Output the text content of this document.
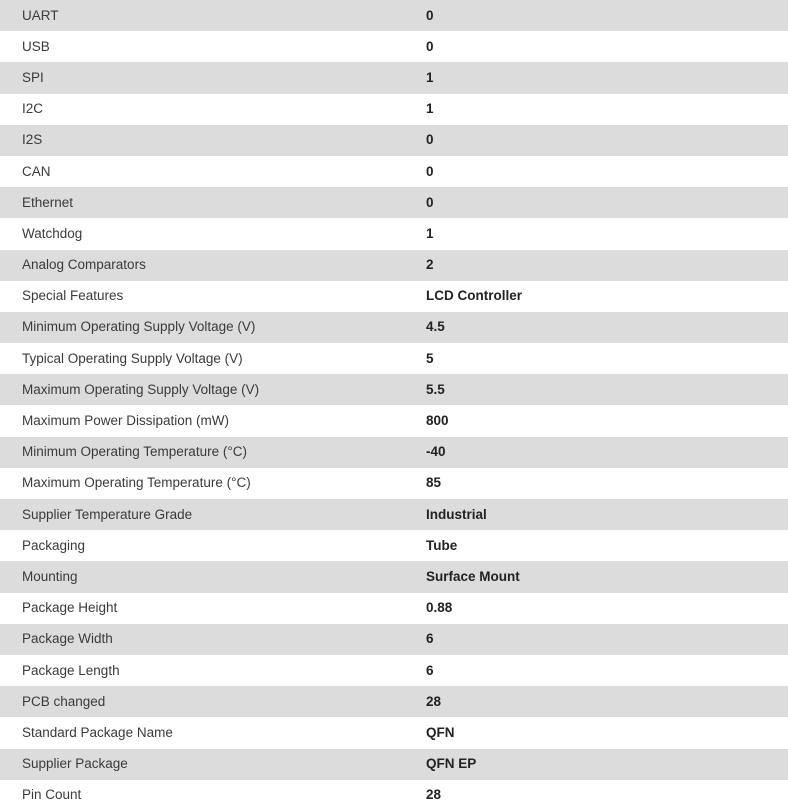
UART	0
USB	0
SPI	1
I2C	1
I2S	0
CAN	0
Ethernet	0
Watchdog	1
Analog Comparators	2
Special Features	LCD Controller
Minimum Operating Supply Voltage (V)	4.5
Typical Operating Supply Voltage (V)	5
Maximum Operating Supply Voltage (V)	5.5
Maximum Power Dissipation (mW)	800
Minimum Operating Temperature (°C)	-40
Maximum Operating Temperature (°C)	85
Supplier Temperature Grade	Industrial
Packaging	Tube
Mounting	Surface Mount
Package Height	0.88
Package Width	6
Package Length	6
PCB changed	28
Standard Package Name	QFN
Supplier Package	QFN EP
Pin Count	28
